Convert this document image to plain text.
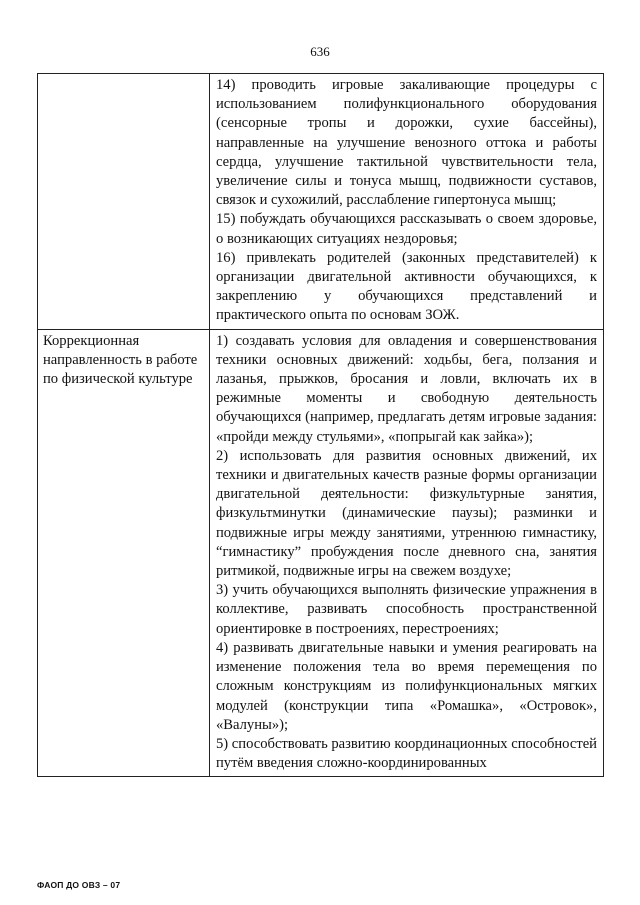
636

	14) проводить игровые закаливающие процедуры с использованием полифункционального оборудования (сенсорные тропы и дорожки, сухие бассейны), направленные на улучшение венозного оттока и работы сердца, улучшение тактильной чувствительности тела, увеличение силы и тонуса мышц, подвижности суставов, связок и сухожилий, расслабление гипертонуса мышц;

15) побуждать обучающихся рассказывать о своем здоровье, о возникающих ситуациях нездоровья;

16) привлекать родителей (законных представителей) к организации двигательной активности обучающихся, к закреплению у обучающихся представлений и практического опыта по основам ЗОЖ.

Коррекционная направленность в работе по физической культуре	1) создавать условия для овладения и совершенствования техники основных движений: ходьбы, бега, ползания и лазанья, прыжков, бросания и ловли, включать их в режимные моменты и свободную деятельность обучающихся (например, предлагать детям игровые задания: «пройди между стульями», «попрыгай как зайка»);

2) использовать для развития основных движений, их техники и двигательных качеств разные формы организации двигательной деятельности: физкультурные занятия, физкультминутки (динамические паузы); разминки и подвижные игры между занятиями, утреннюю гимнастику, “гимнастику” пробуждения после дневного сна, занятия ритмикой, подвижные игры на свежем воздухе;

3) учить обучающихся выполнять физические упражнения в коллективе, развивать способность пространственной ориентировке в построениях, перестроениях;

4) развивать двигательные навыки и умения реагировать на изменение положения тела во время перемещения по сложным конструкциям из полифункциональных мягких модулей (конструкции типа «Ромашка», «Островок», «Валуны»);

5) способствовать развитию координационных способностей путём введения сложно-координированных

ФАОП ДО ОВЗ – 07
